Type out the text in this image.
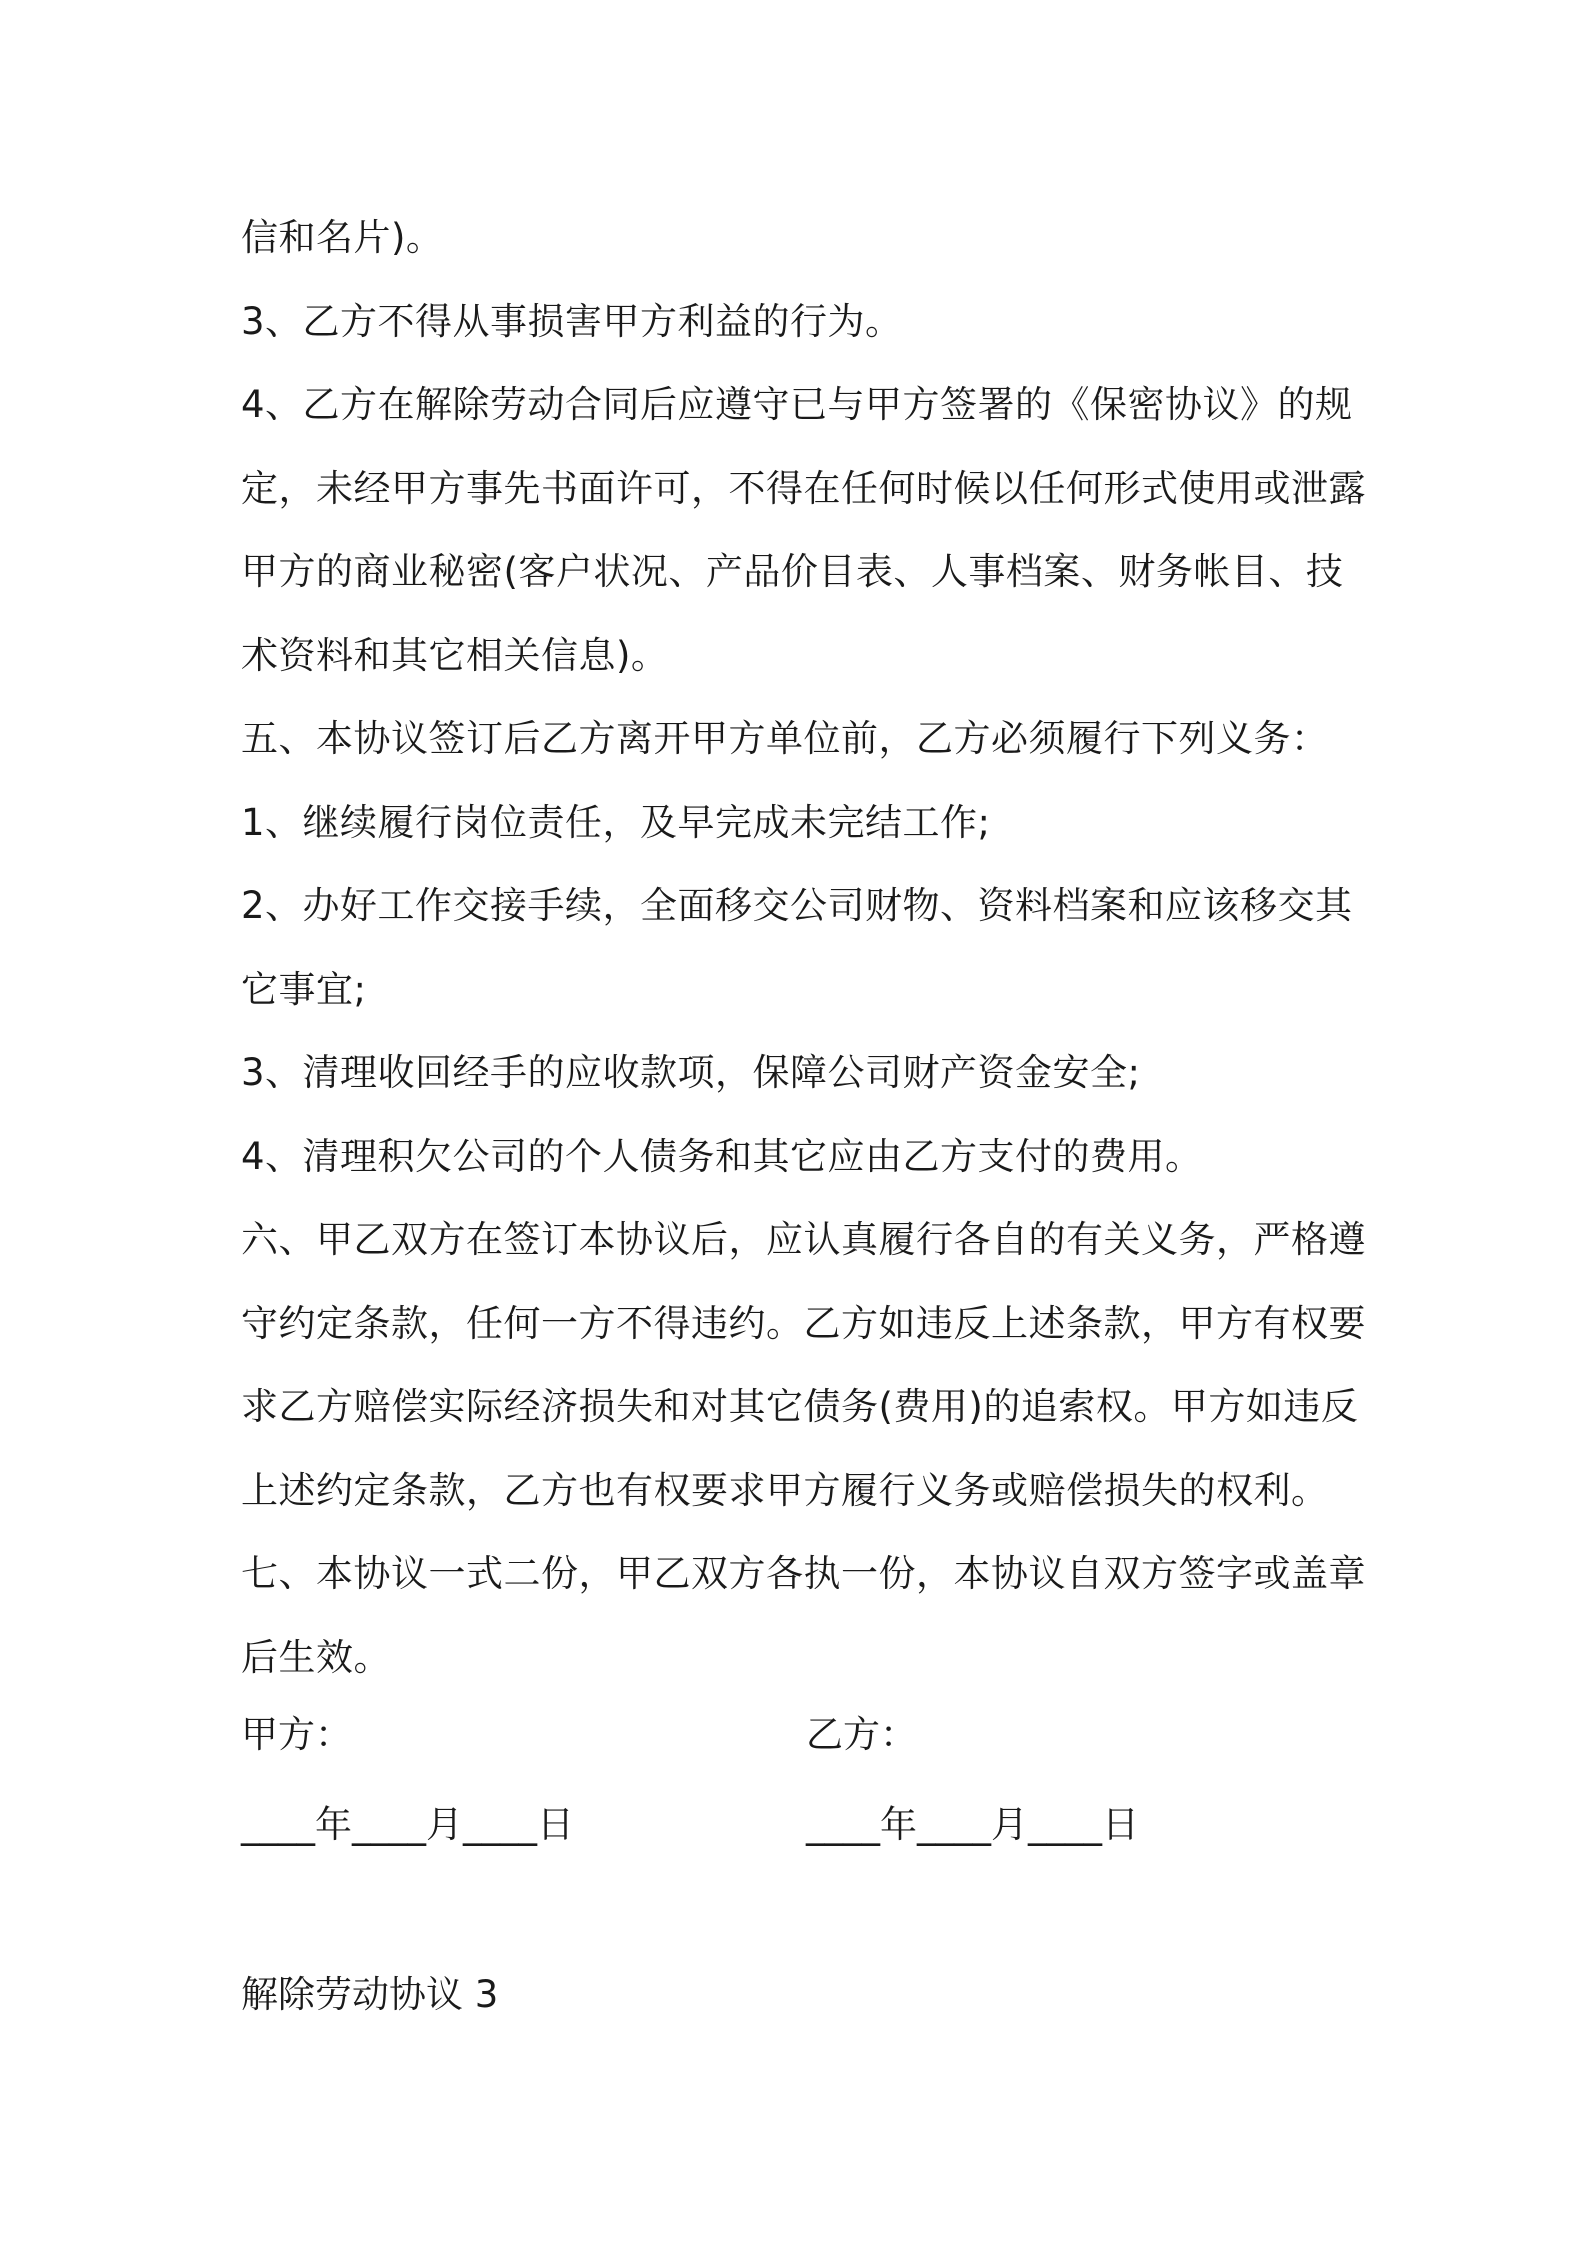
信和名片)。

3、乙方不得从事损害甲方利益的行为。

4、乙方在解除劳动合同后应遵守已与甲方签署的《保密协议》的规

定，未经甲方事先书面许可，不得在任何时候以任何形式使用或泄露

甲方的商业秘密(客户状况、产品价目表、人事档案、财务帐目、技

术资料和其它相关信息)。

五、本协议签订后乙方离开甲方单位前，乙方必须履行下列义务：

1、继续履行岗位责任，及早完成未完结工作;

2、办好工作交接手续，全面移交公司财物、资料档案和应该移交其

它事宜;

3、清理收回经手的应收款项，保障公司财产资金安全;

4、清理积欠公司的个人债务和其它应由乙方支付的费用。

六、甲乙双方在签订本协议后，应认真履行各自的有关义务，严格遵

守约定条款，任何一方不得违约。乙方如违反上述条款，甲方有权要

求乙方赔偿实际经济损失和对其它债务(费用)的追索权。甲方如违反

上述约定条款，乙方也有权要求甲方履行义务或赔偿损失的权利。

七、本协议一式二份，甲乙双方各执一份，本协议自双方签字或盖章

后生效。

甲方：	乙方：
____年____月____日	____年____月____日
解除劳动协议 3
